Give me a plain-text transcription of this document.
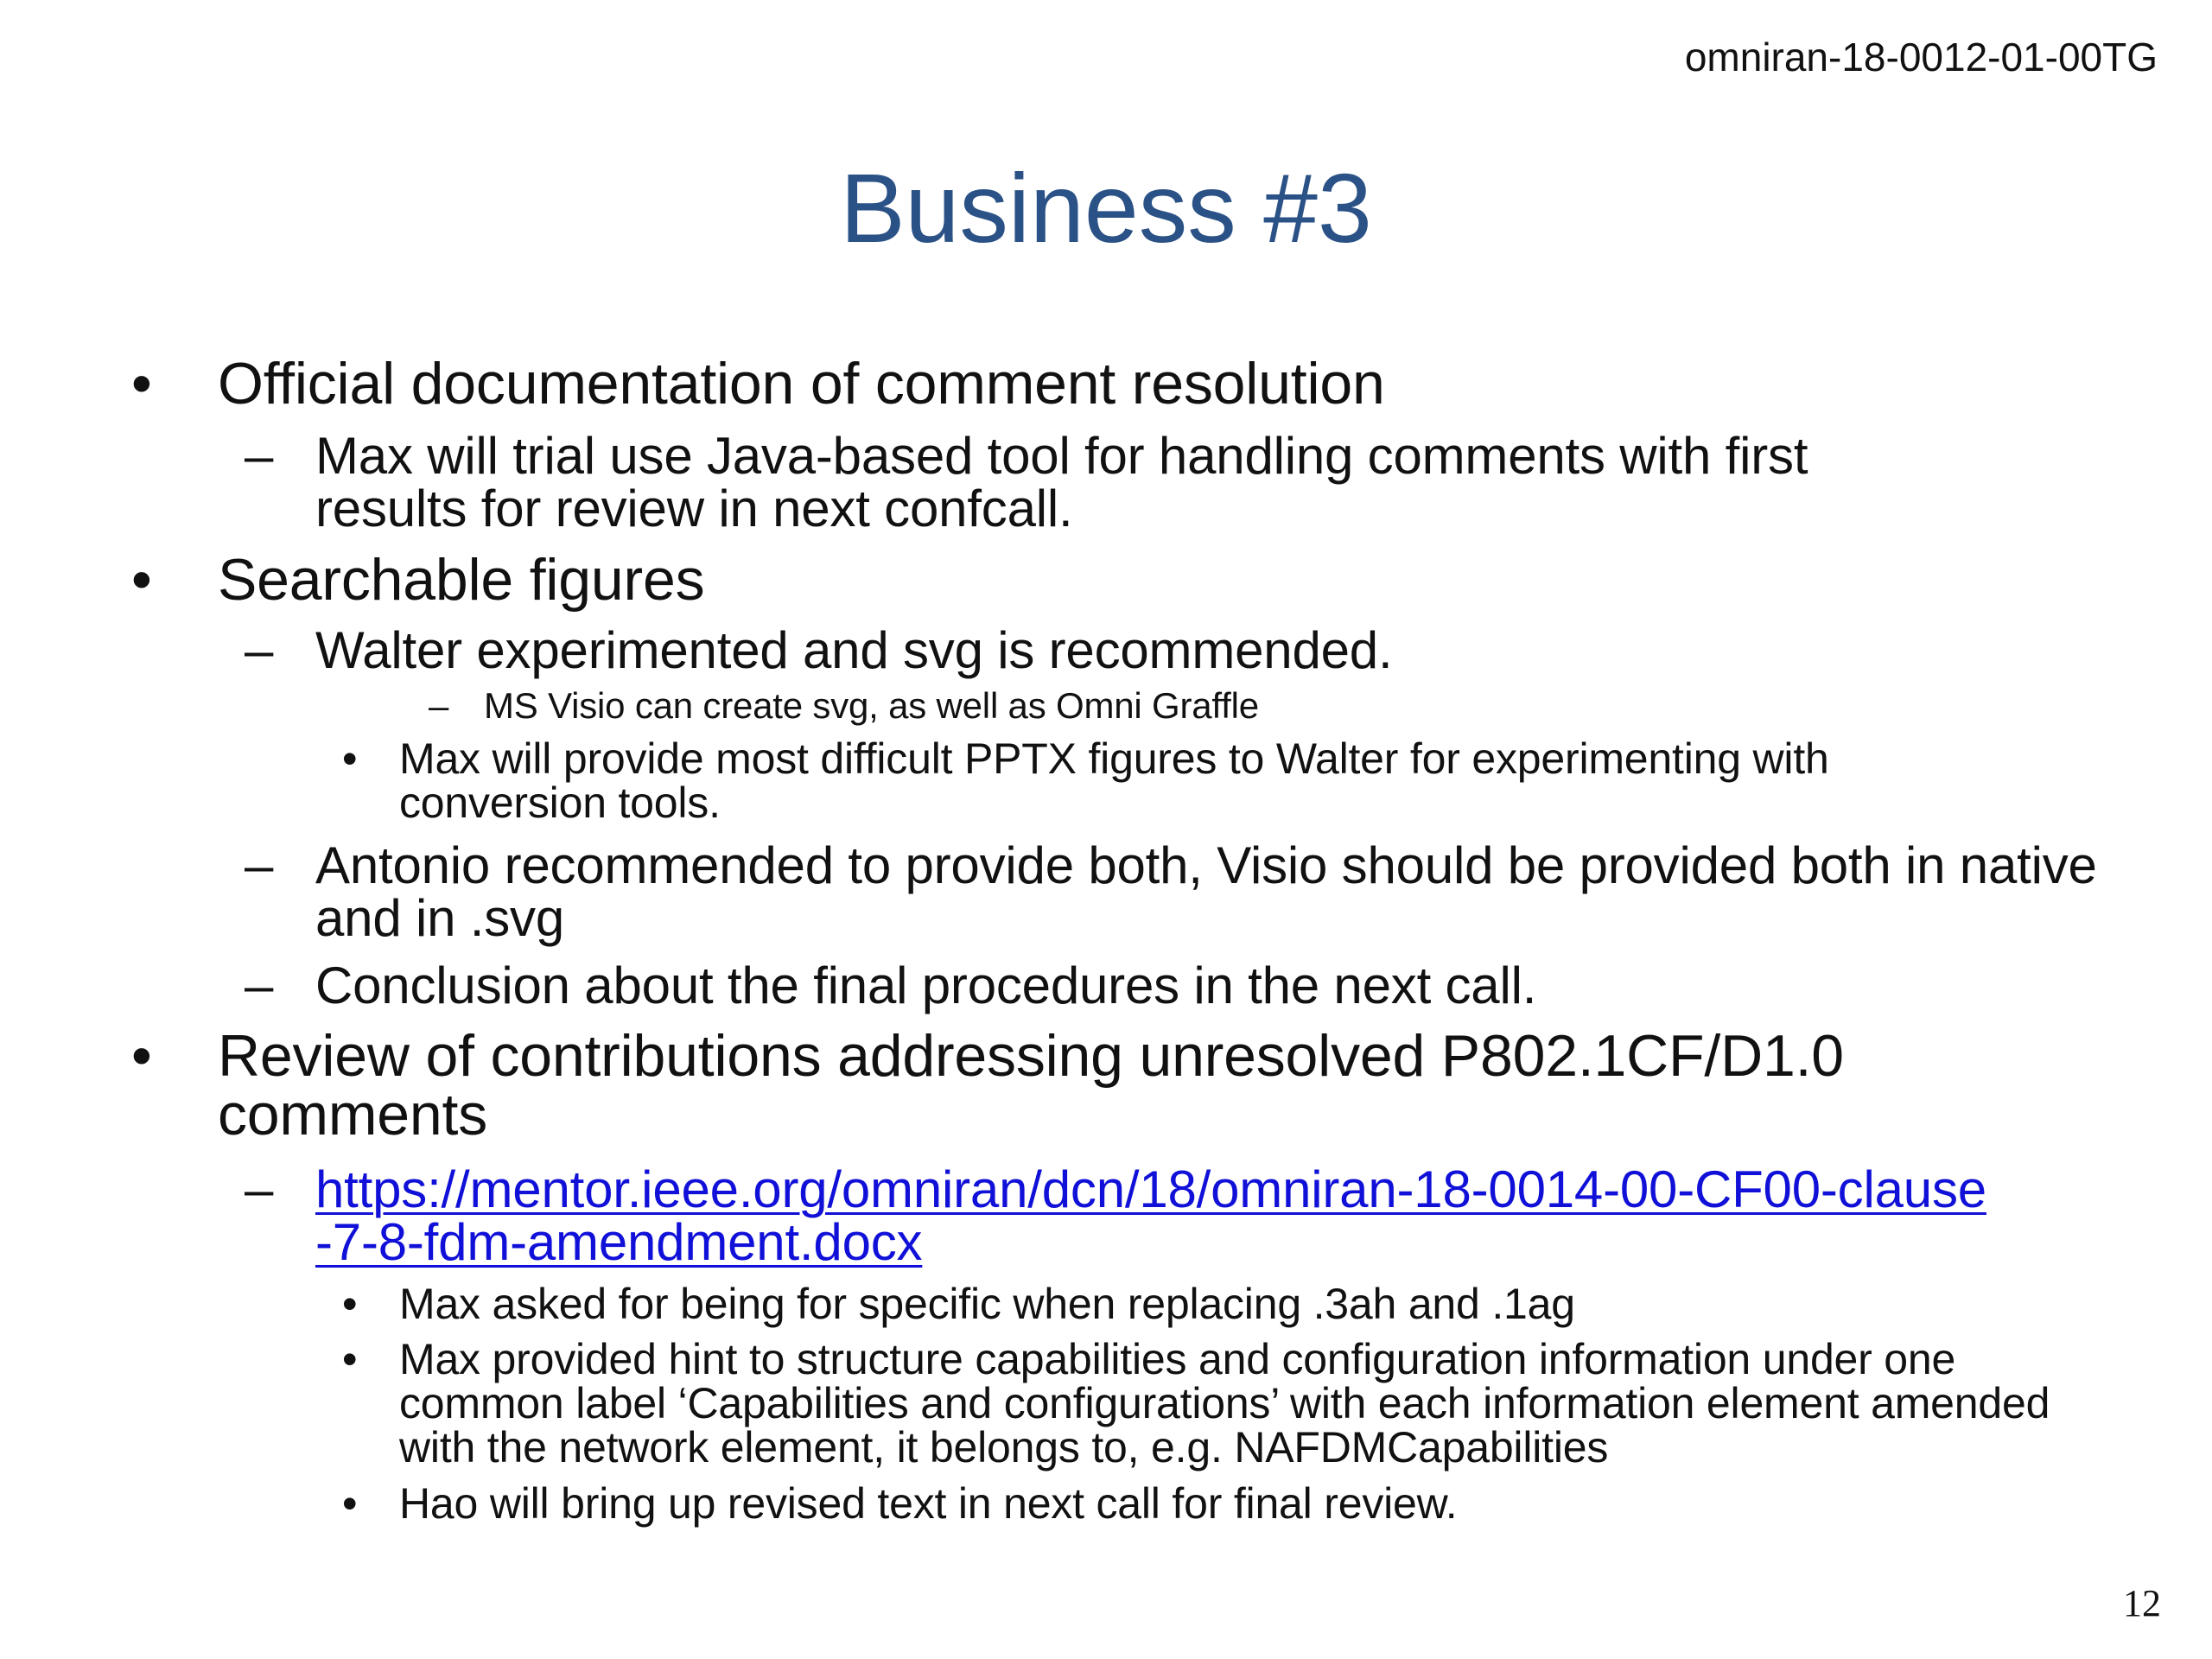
omniran-18-0012-01-00TG
Business #3
• Official documentation of comment resolution
– Max will trial use Java-based tool for handling comments with first results for review in next confcall.
• Searchable figures
– Walter experimented and svg is recommended.
– MS Visio can create svg, as well as Omni Graffle
• Max will provide most difficult PPTX figures to Walter for experimenting with conversion tools.
– Antonio recommended to provide both, Visio should be provided both in native and in .svg
– Conclusion about the final procedures in the next call.
• Review of contributions addressing unresolved P802.1CF/D1.0 comments
– https://mentor.ieee.org/omniran/dcn/18/omniran-18-0014-00-CF00-clause-7-8-fdm-amendment.docx
• Max asked for being for specific when replacing .3ah and .1ag
• Max provided hint to structure capabilities and configuration information under one common label ‘Capabilities and configurations’ with each information element amended with the network element, it belongs to, e.g. NAFDMCapabilities
• Hao will bring up revised text in next call for final review.
12
